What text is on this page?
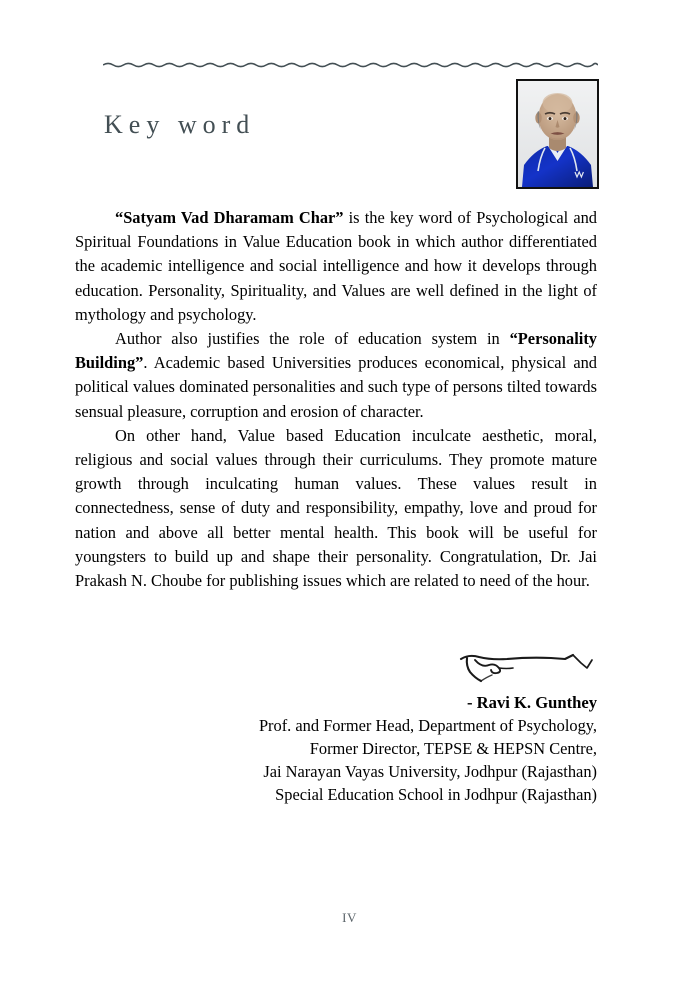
Key word

“Satyam Vad Dharamam Char” is the key word of Psychological and Spiritual Foundations in Value Education book in which author differentiated the academic intelligence and social intelligence and how it develops through education. Personality, Spirituality, and Values are well defined in the light of mythology and psychology.

Author also justifies the role of education system in “Personality Building”. Academic based Universities produces economical, physical and political values dominated personalities and such type of persons tilted towards sensual pleasure, corruption and erosion of character.

On other hand, Value based Education inculcate aesthetic, moral, religious and social values through their curriculums. They promote mature growth through inculcating human values. These values result in connectedness, sense of duty and responsibility, empathy, love and proud for nation and above all better mental health. This book will be useful for youngsters to build up and shape their personality. Congratulation, Dr. Jai Prakash N. Choube for publishing issues which are related to need of the hour.

- Ravi K. Gunthey
Prof. and Former Head, Department of Psychology,
Former Director, TEPSE & HEPSN Centre,
Jai Narayan Vayas University, Jodhpur (Rajasthan)
Special Education School in Jodhpur (Rajasthan)
IV
